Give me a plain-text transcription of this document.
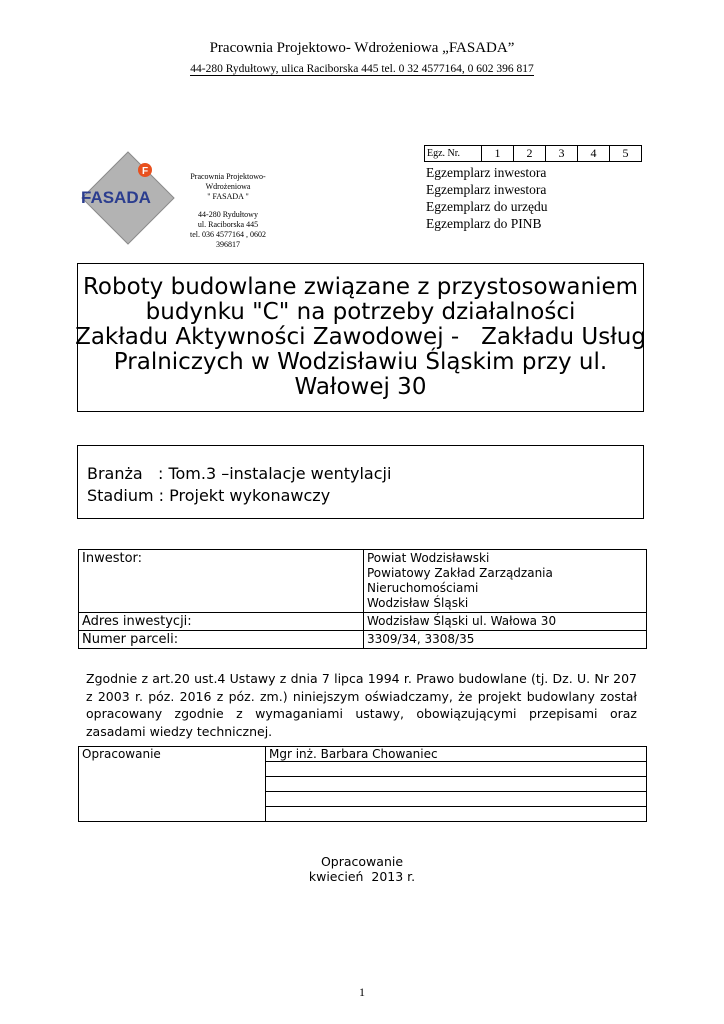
Pracownia Projektowo- Wdrożeniowa „FASADA”
44-280 Rydułtowy, ulica Raciborska 445 tel. 0 32 4577164, 0 602 396 817
F
FASADA
Pracownia Projektowo- Wdrożeniowa
" FASADA "
44-280 Rydułtowy
ul. Raciborska 445
tel. 036 4577164 , 0602 396817
Egz. Nr.	1	2	3	4	5
Egzemplarz inwestora
Egzemplarz inwestora
Egzemplarz do urzędu
Egzemplarz do PINB
Roboty budowlane związane z przystosowaniem
budynku "C" na potrzeby działalności
Zakładu Aktywności Zawodowej -   Zakładu Usług
Pralniczych w Wodzisławiu Śląskim przy ul.
Wałowej 30
Branża   : Tom.3 –instalacje wentylacji
Stadium : Projekt wykonawczy
Inwestor:	Powiat Wodzisławski
Powiatowy Zakład Zarządzania
Nieruchomościami
Wodzisław Śląski

Adres inwestycji:	Wodzisław Śląski ul. Wałowa 30
Numer parceli:	3309/34, 3308/35
Zgodnie z art.20 ust.4 Ustawy z dnia 7 lipca 1994 r. Prawo budowlane (tj. Dz. U. Nr 207 z 2003 r. póz. 2016 z póz. zm.) niniejszym oświadczamy, że projekt budowlany został opracowany zgodnie z wymaganiami ustawy, obowiązującymi przepisami oraz zasadami wiedzy technicznej.
Opracowanie	Mgr inż. Barbara Chowaniec

Opracowanie
kwiecień  2013 r.
1
